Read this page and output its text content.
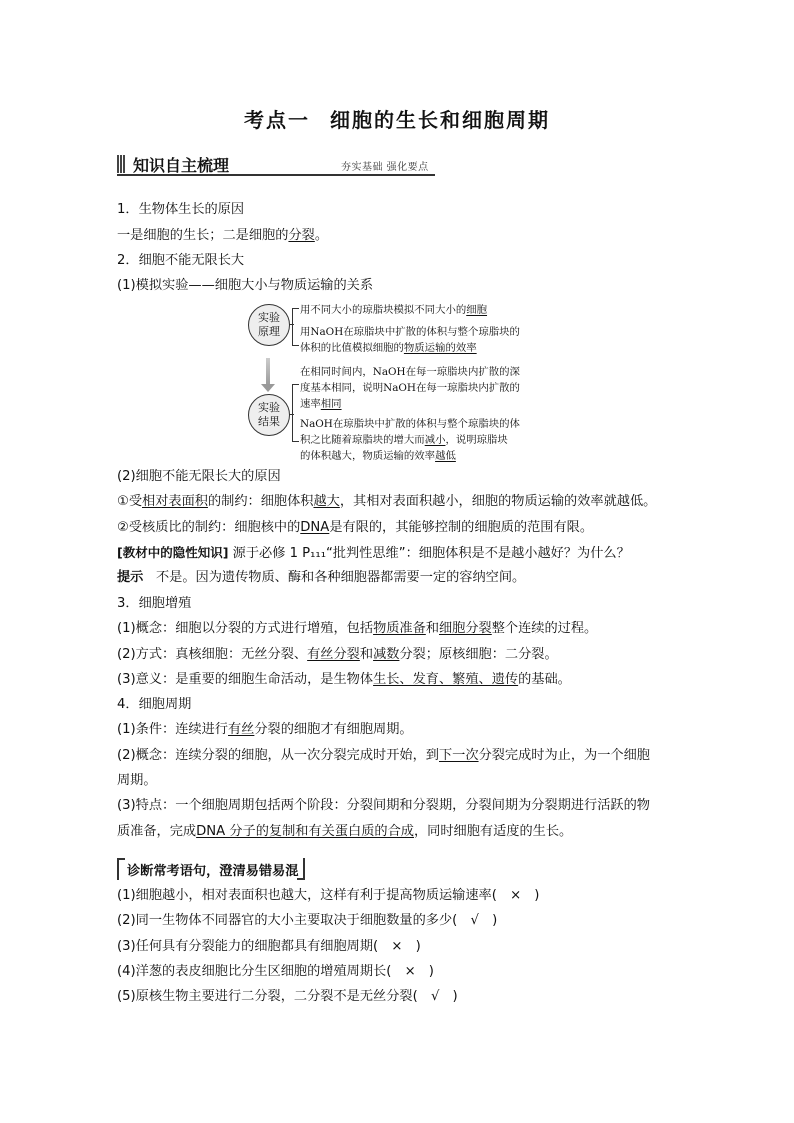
考点一 细胞的生长和细胞周期
知识自主梳理	夯实基础 强化要点
1．生物体生长的原因
一是细胞的生长；二是细胞的分裂。
2．细胞不能无限长大
(1)模拟实验——细胞大小与物质运输的关系
实验
原理
用不同大小的琼脂块模拟不同大小的细胞
用NaOH在琼脂块中扩散的体积与整个琼脂块的
体积的比值模拟细胞的物质运输的效率
实验
结果
在相同时间内，NaOH在每一琼脂块内扩散的深
度基本相同，说明NaOH在每一琼脂块内扩散的
速率相同
NaOH在琼脂块中扩散的体积与整个琼脂块的体
积之比随着琼脂块的增大而减小，说明琼脂块
的体积越大，物质运输的效率越低
(2)细胞不能无限长大的原因
①受相对表面积的制约：细胞体积越大，其相对表面积越小，细胞的物质运输的效率就越低。
②受核质比的制约：细胞核中的DNA是有限的，其能够控制的细胞质的范围有限。
[教材中的隐性知识] 源于必修 1 P₁₁₁“批判性思维”：细胞体积是不是越小越好？为什么？
提示 不是。因为遗传物质、酶和各种细胞器都需要一定的容纳空间。
3．细胞增殖
(1)概念：细胞以分裂的方式进行增殖，包括物质准备和细胞分裂整个连续的过程。
(2)方式：真核细胞：无丝分裂、有丝分裂和减数分裂；原核细胞：二分裂。
(3)意义：是重要的细胞生命活动，是生物体生长、发育、繁殖、遗传的基础。
4．细胞周期
(1)条件：连续进行有丝分裂的细胞才有细胞周期。
(2)概念：连续分裂的细胞，从一次分裂完成时开始，到下一次分裂完成时为止，为一个细胞
周期。
(3)特点：一个细胞周期包括两个阶段：分裂间期和分裂期，分裂间期为分裂期进行活跃的物
质准备，完成DNA 分子的复制和有关蛋白质的合成，同时细胞有适度的生长。
诊断常考语句，澄清易错易混
(1)细胞越小，相对表面积也越大，这样有利于提高物质运输速率(　×　)
(2)同一生物体不同器官的大小主要取决于细胞数量的多少(　√　)
(3)任何具有分裂能力的细胞都具有细胞周期(　×　)
(4)洋葱的表皮细胞比分生区细胞的增殖周期长(　×　)
(5)原核生物主要进行二分裂，二分裂不是无丝分裂(　√　)
